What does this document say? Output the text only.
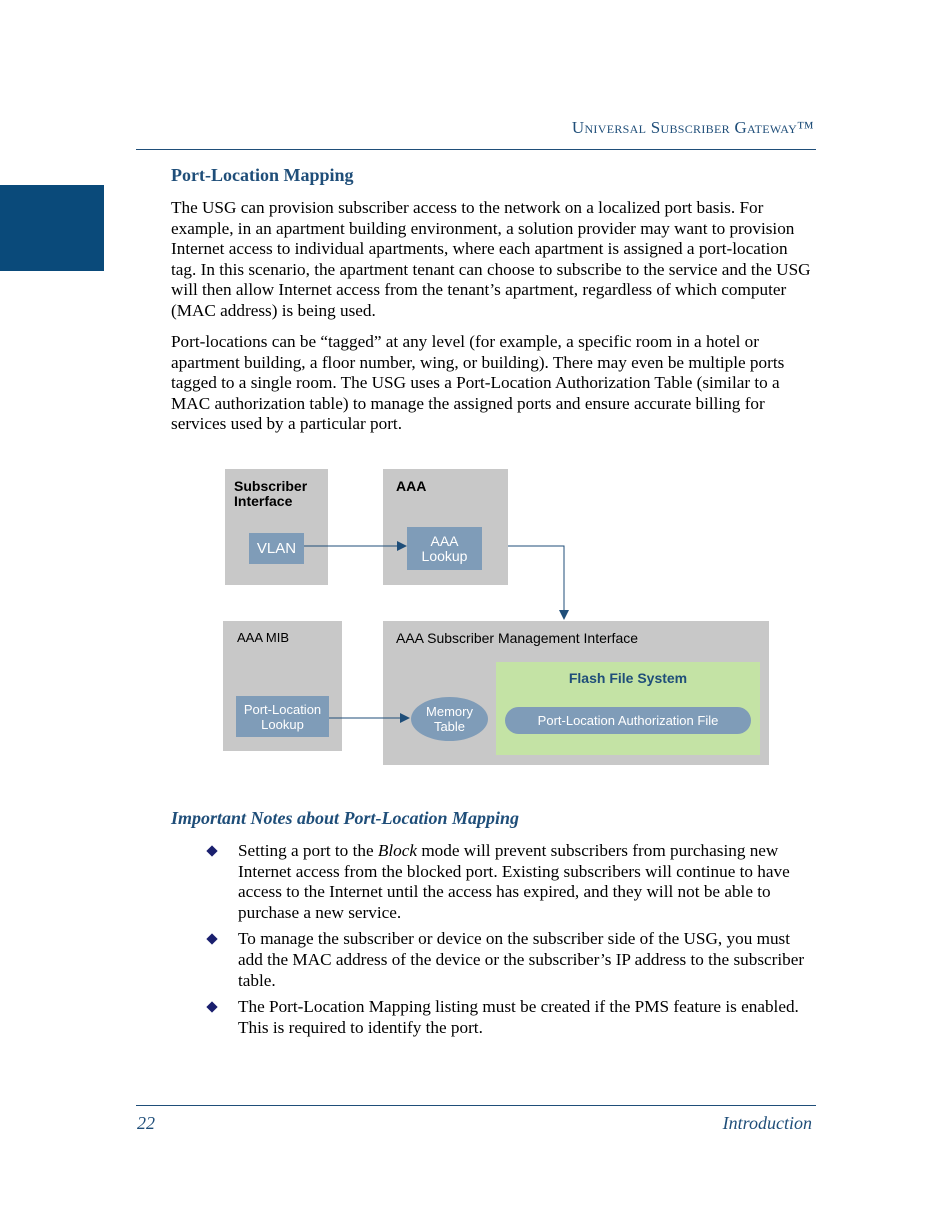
Universal Subscriber Gateway™
Port-Location Mapping

The USG can provision subscriber access to the network on a localized port basis. For example, in an apartment building environment, a solution provider may want to provision Internet access to individual apartments, where each apartment is assigned a port-location tag. In this scenario, the apartment tenant can choose to subscribe to the service and the USG will then allow Internet access from the tenant’s apartment, regardless of which computer (MAC address) is being used.

Port-locations can be “tagged” at any level (for example, a specific room in a hotel or apartment building, a floor number, wing, or building). There may even be multiple ports tagged to a single room. The USG uses a Port-Location Authorization Table (similar to a MAC authorization table) to manage the assigned ports and ensure accurate billing for services used by a particular port.

Subscriber Interface
VLAN
AAA
AAA Lookup
AAA MIB
Port-Location Lookup
AAA Subscriber Management Interface
Memory Table
Flash File System
Port-Location Authorization File
Important Notes about Port-Location Mapping
Setting a port to the Block mode will prevent subscribers from purchasing new Internet access from the blocked port. Existing subscribers will continue to have access to the Internet until the access has expired, and they will not be able to purchase a new service.
To manage the subscriber or device on the subscriber side of the USG, you must add the MAC address of the device or the subscriber’s IP address to the subscriber table.
The Port-Location Mapping listing must be created if the PMS feature is enabled. This is required to identify the port.
22	Introduction
